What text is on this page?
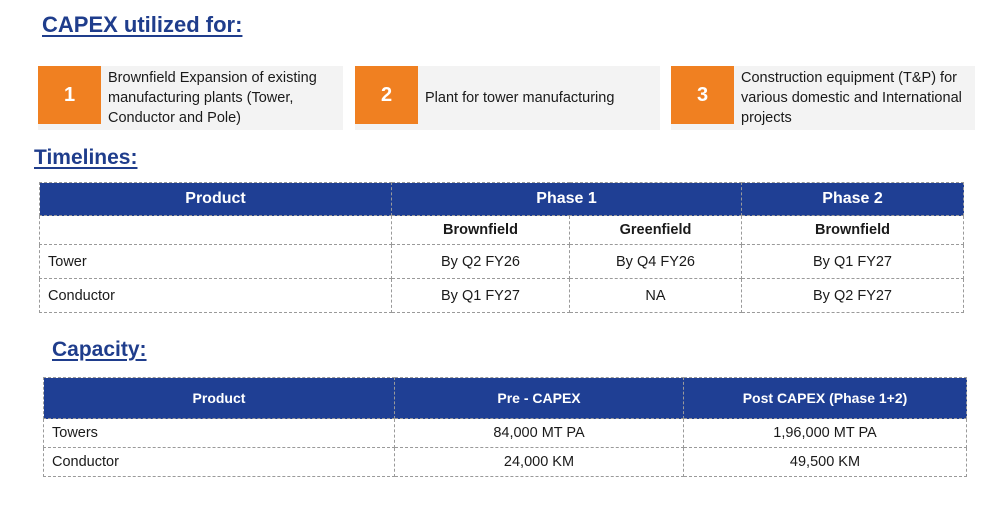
CAPEX utilized for:
1
Brownfield Expansion of existing manufacturing plants (Tower, Conductor and Pole)
2	Plant for tower manufacturing	3
Construction equipment (T&P) for various domestic and International projects
Timelines:
Product	Phase 1		Phase 2
	Brownfield	Greenfield	Brownfield
Tower	By Q2 FY26	By Q4 FY26	By Q1 FY27
Conductor	By Q1 FY27	NA	By Q2 FY27
Capacity:
Product	Pre - CAPEX	Post CAPEX (Phase 1+2)
Towers	84,000 MT PA	1,96,000 MT PA
Conductor	24,000 KM	49,500 KM
